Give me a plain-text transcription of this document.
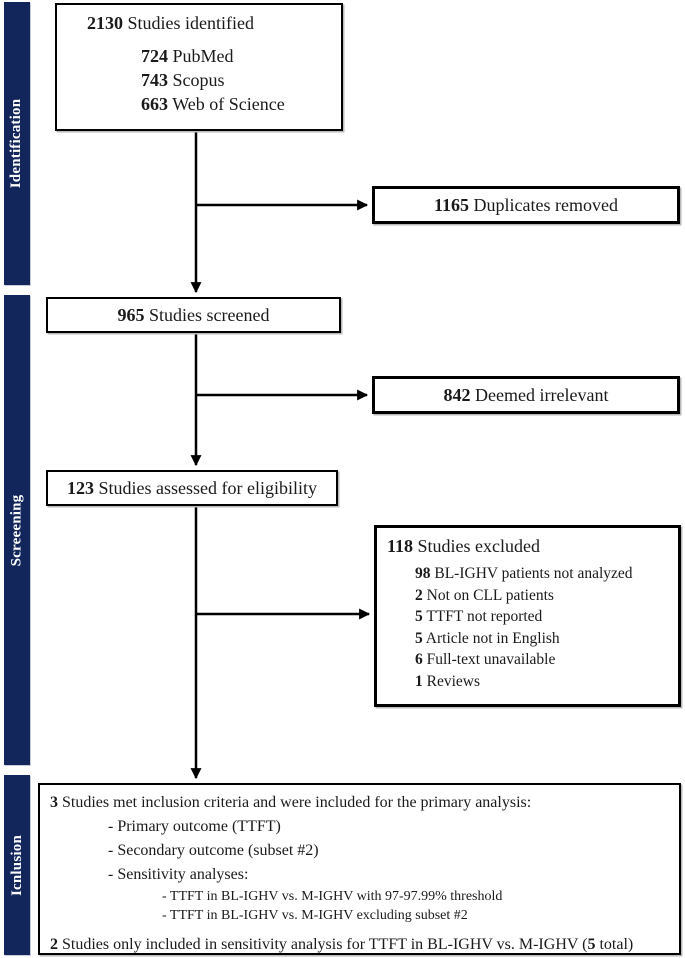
Identification
Screeening
Icnlusion
2130 Studies identified
724 PubMed
743 Scopus
663 Web of Science
1165
Duplicates removed
965
Studies screened
842
Deemed irrelevant
123
Studies assessed for eligibility
118 Studies excluded
98 BL-IGHV patients not analyzed
2 Not on CLL patients
5 TTFT not reported
5 Article not in English
6 Full-text unavailable
1 Reviews
3 Studies met inclusion criteria and were included for the primary analysis:
- Primary outcome (TTFT)
- Secondary outcome (subset #2)
- Sensitivity analyses:
- TTFT in BL-IGHV vs. M-IGHV with 97-97.99% threshold
- TTFT in BL-IGHV vs. M-IGHV excluding subset #2
2 Studies only included in sensitivity analysis for TTFT in BL-IGHV vs. M-IGHV (5 total)
